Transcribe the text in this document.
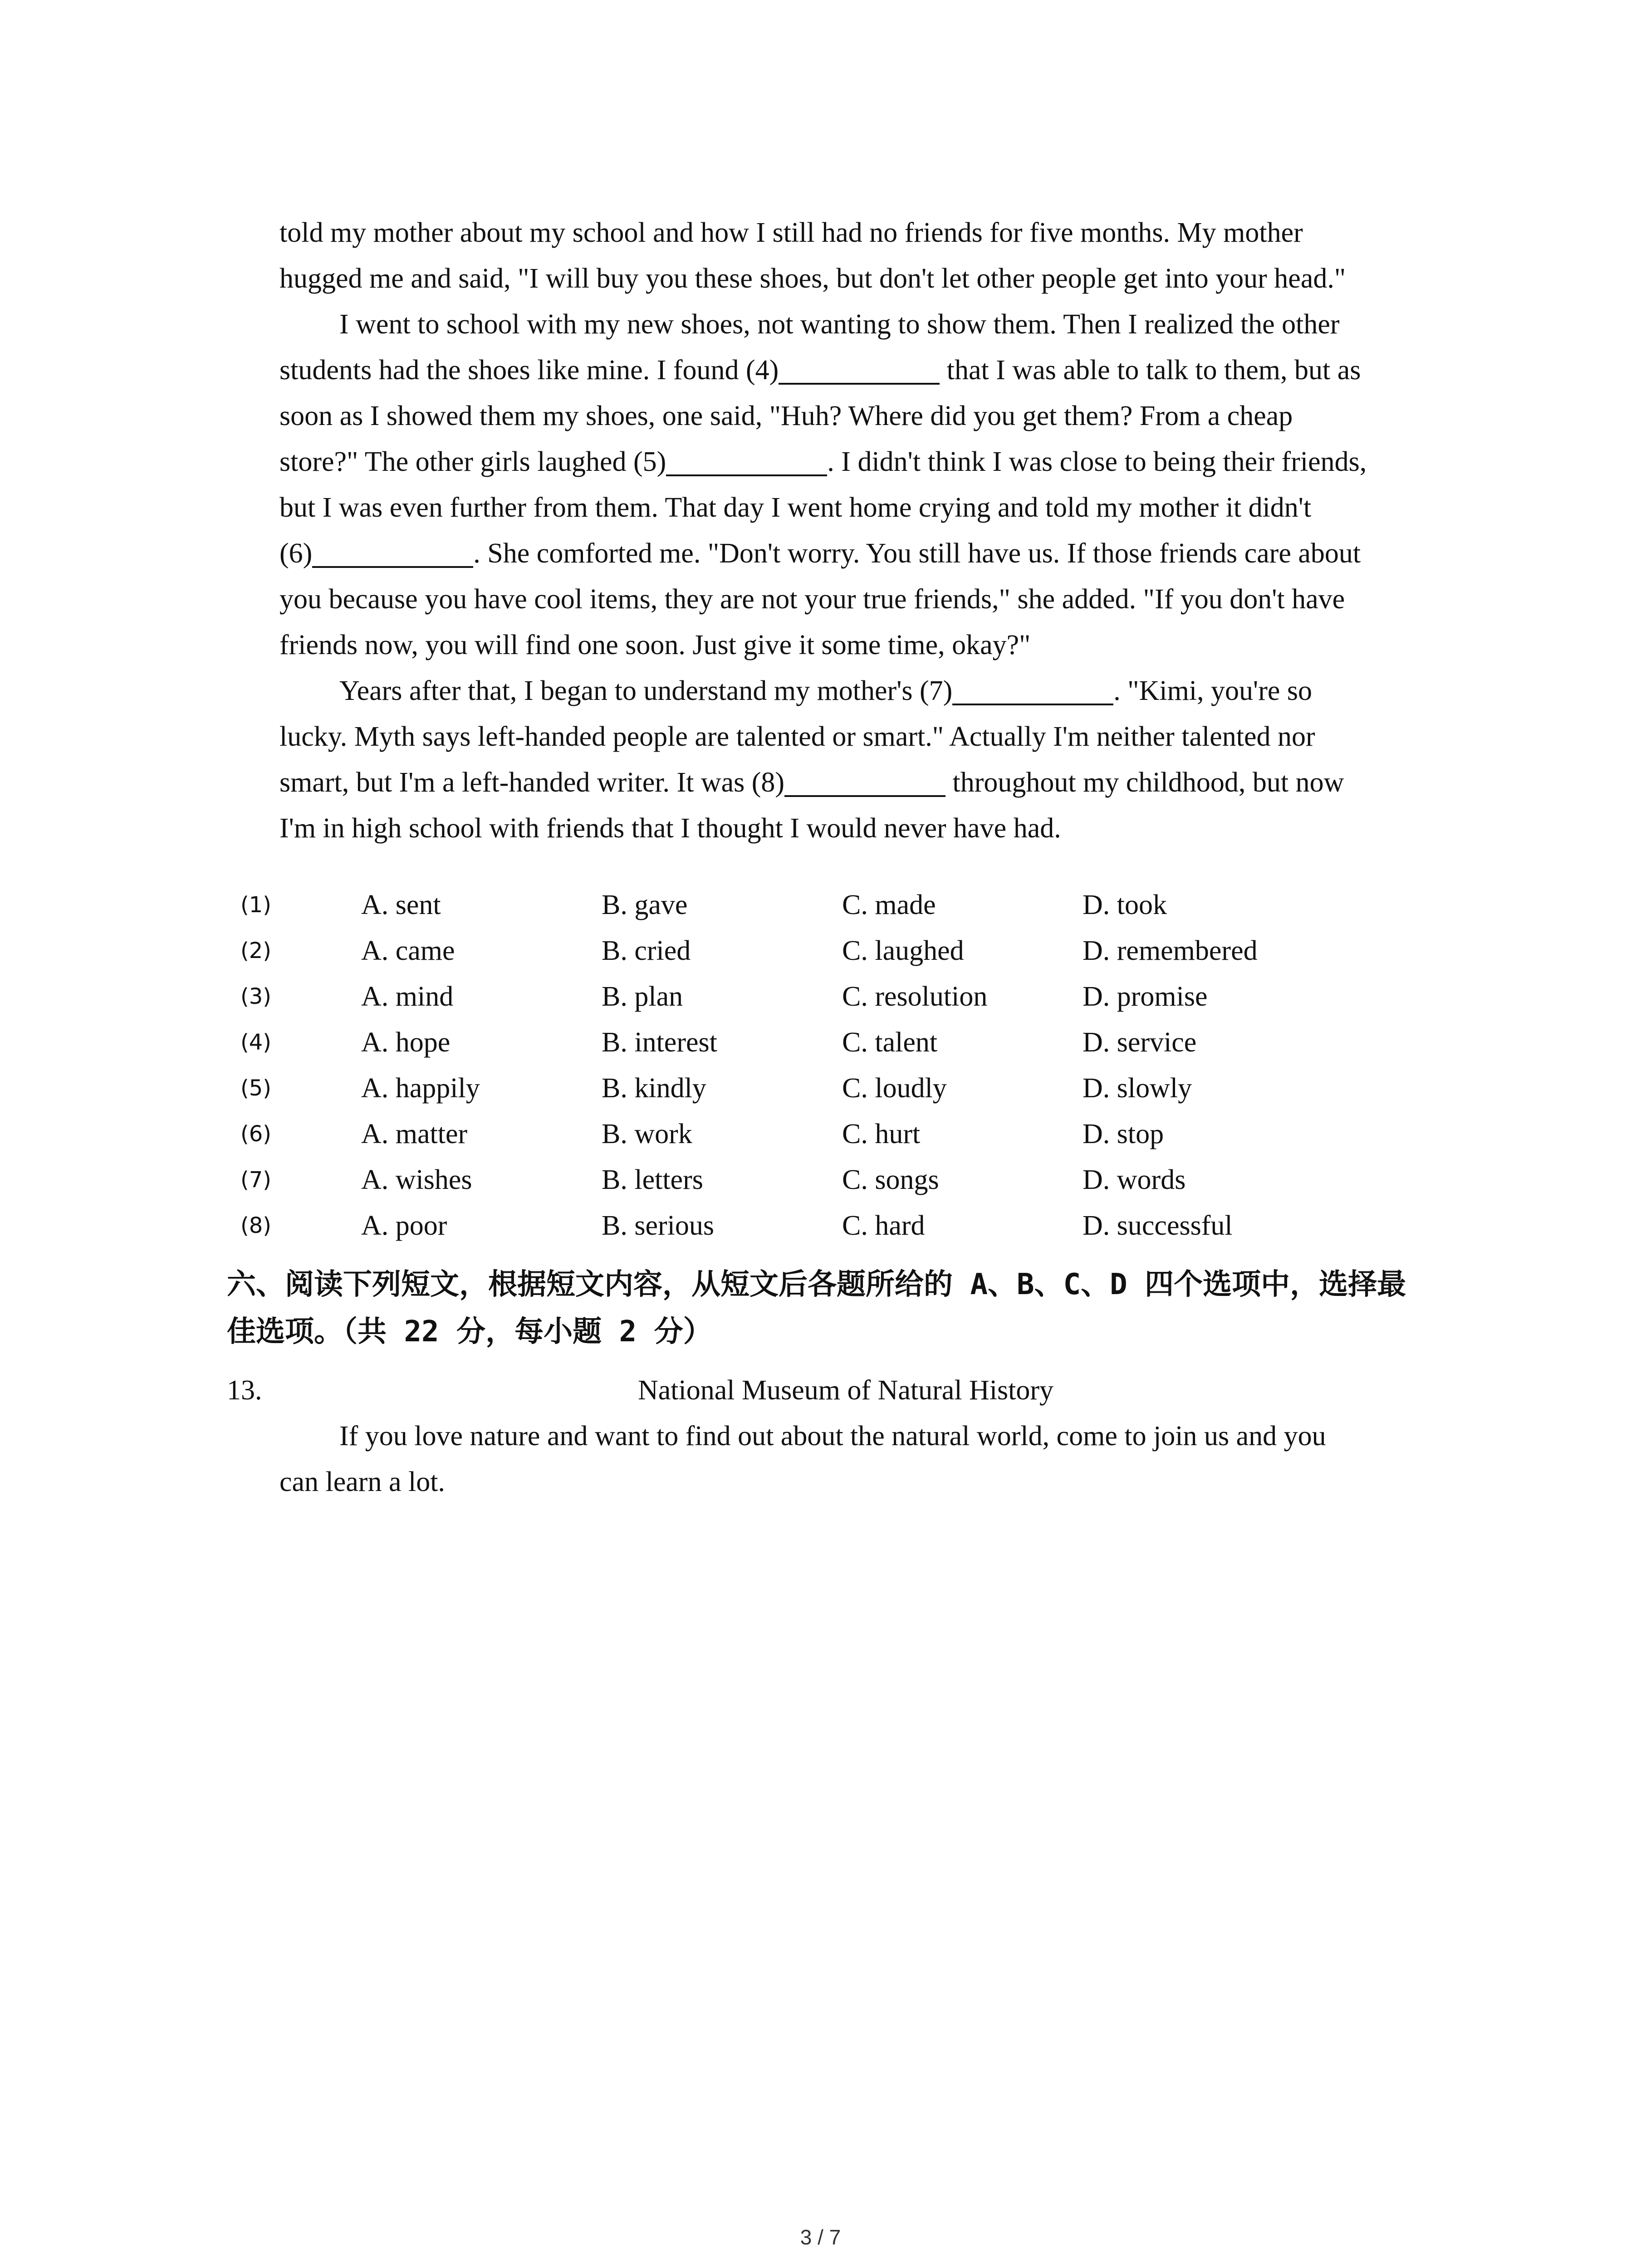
told my mother about my school and how I still had no friends for five months. My mother
hugged me and said, "I will buy you these shoes, but don't let other people get into your head."
I went to school with my new shoes, not wanting to show them. Then I realized the other
students had the shoes like mine. I found (4)	that I was able to talk to them, but as
soon as I showed them my shoes, one said, "Huh? Where did you get them? From a cheap
store?" The other girls laughed (5)	. I didn't think I was close to being their friends,
but I was even further from them. That day I went home crying and told my mother it didn't
(6)	. She comforted me. "Don't worry. You still have us. If those friends care about
you because you have cool items, they are not your true friends," she added. "If you don't have
friends now, you will find one soon. Just give it some time, okay?"
Years after that, I began to understand my mother's (7)	. "Kimi, you're so
lucky. Myth says left-handed people are talented or smart." Actually I'm neither talented nor
smart, but I'm a left-handed writer. It was (8)	throughout my childhood, but now
I'm in high school with friends that I thought I would never have had.
(1)	A. sent	B. gave	C. made	D. took
(2)	A. came	B. cried	C. laughed	D. remembered
(3)	A. mind	B. plan	C. resolution	D. promise
(4)	A. hope	B. interest	C. talent	D. service
(5)	A. happily	B. kindly	C. loudly	D. slowly
(6)	A. matter	B. work	C. hurt	D. stop
(7)	A. wishes	B. letters	C. songs	D. words
(8)	A. poor	B. serious	C. hard	D. successful
六、阅读下列短文，根据短文内容，从短文后各题所给的 A、B、C、D 四个选项中，选择最
佳选项。（共 22 分，每小题 2 分）
13.	National Museum of Natural History
If you love nature and want to find out about the natural world, come to join us and you
can learn a lot.
3 / 7
